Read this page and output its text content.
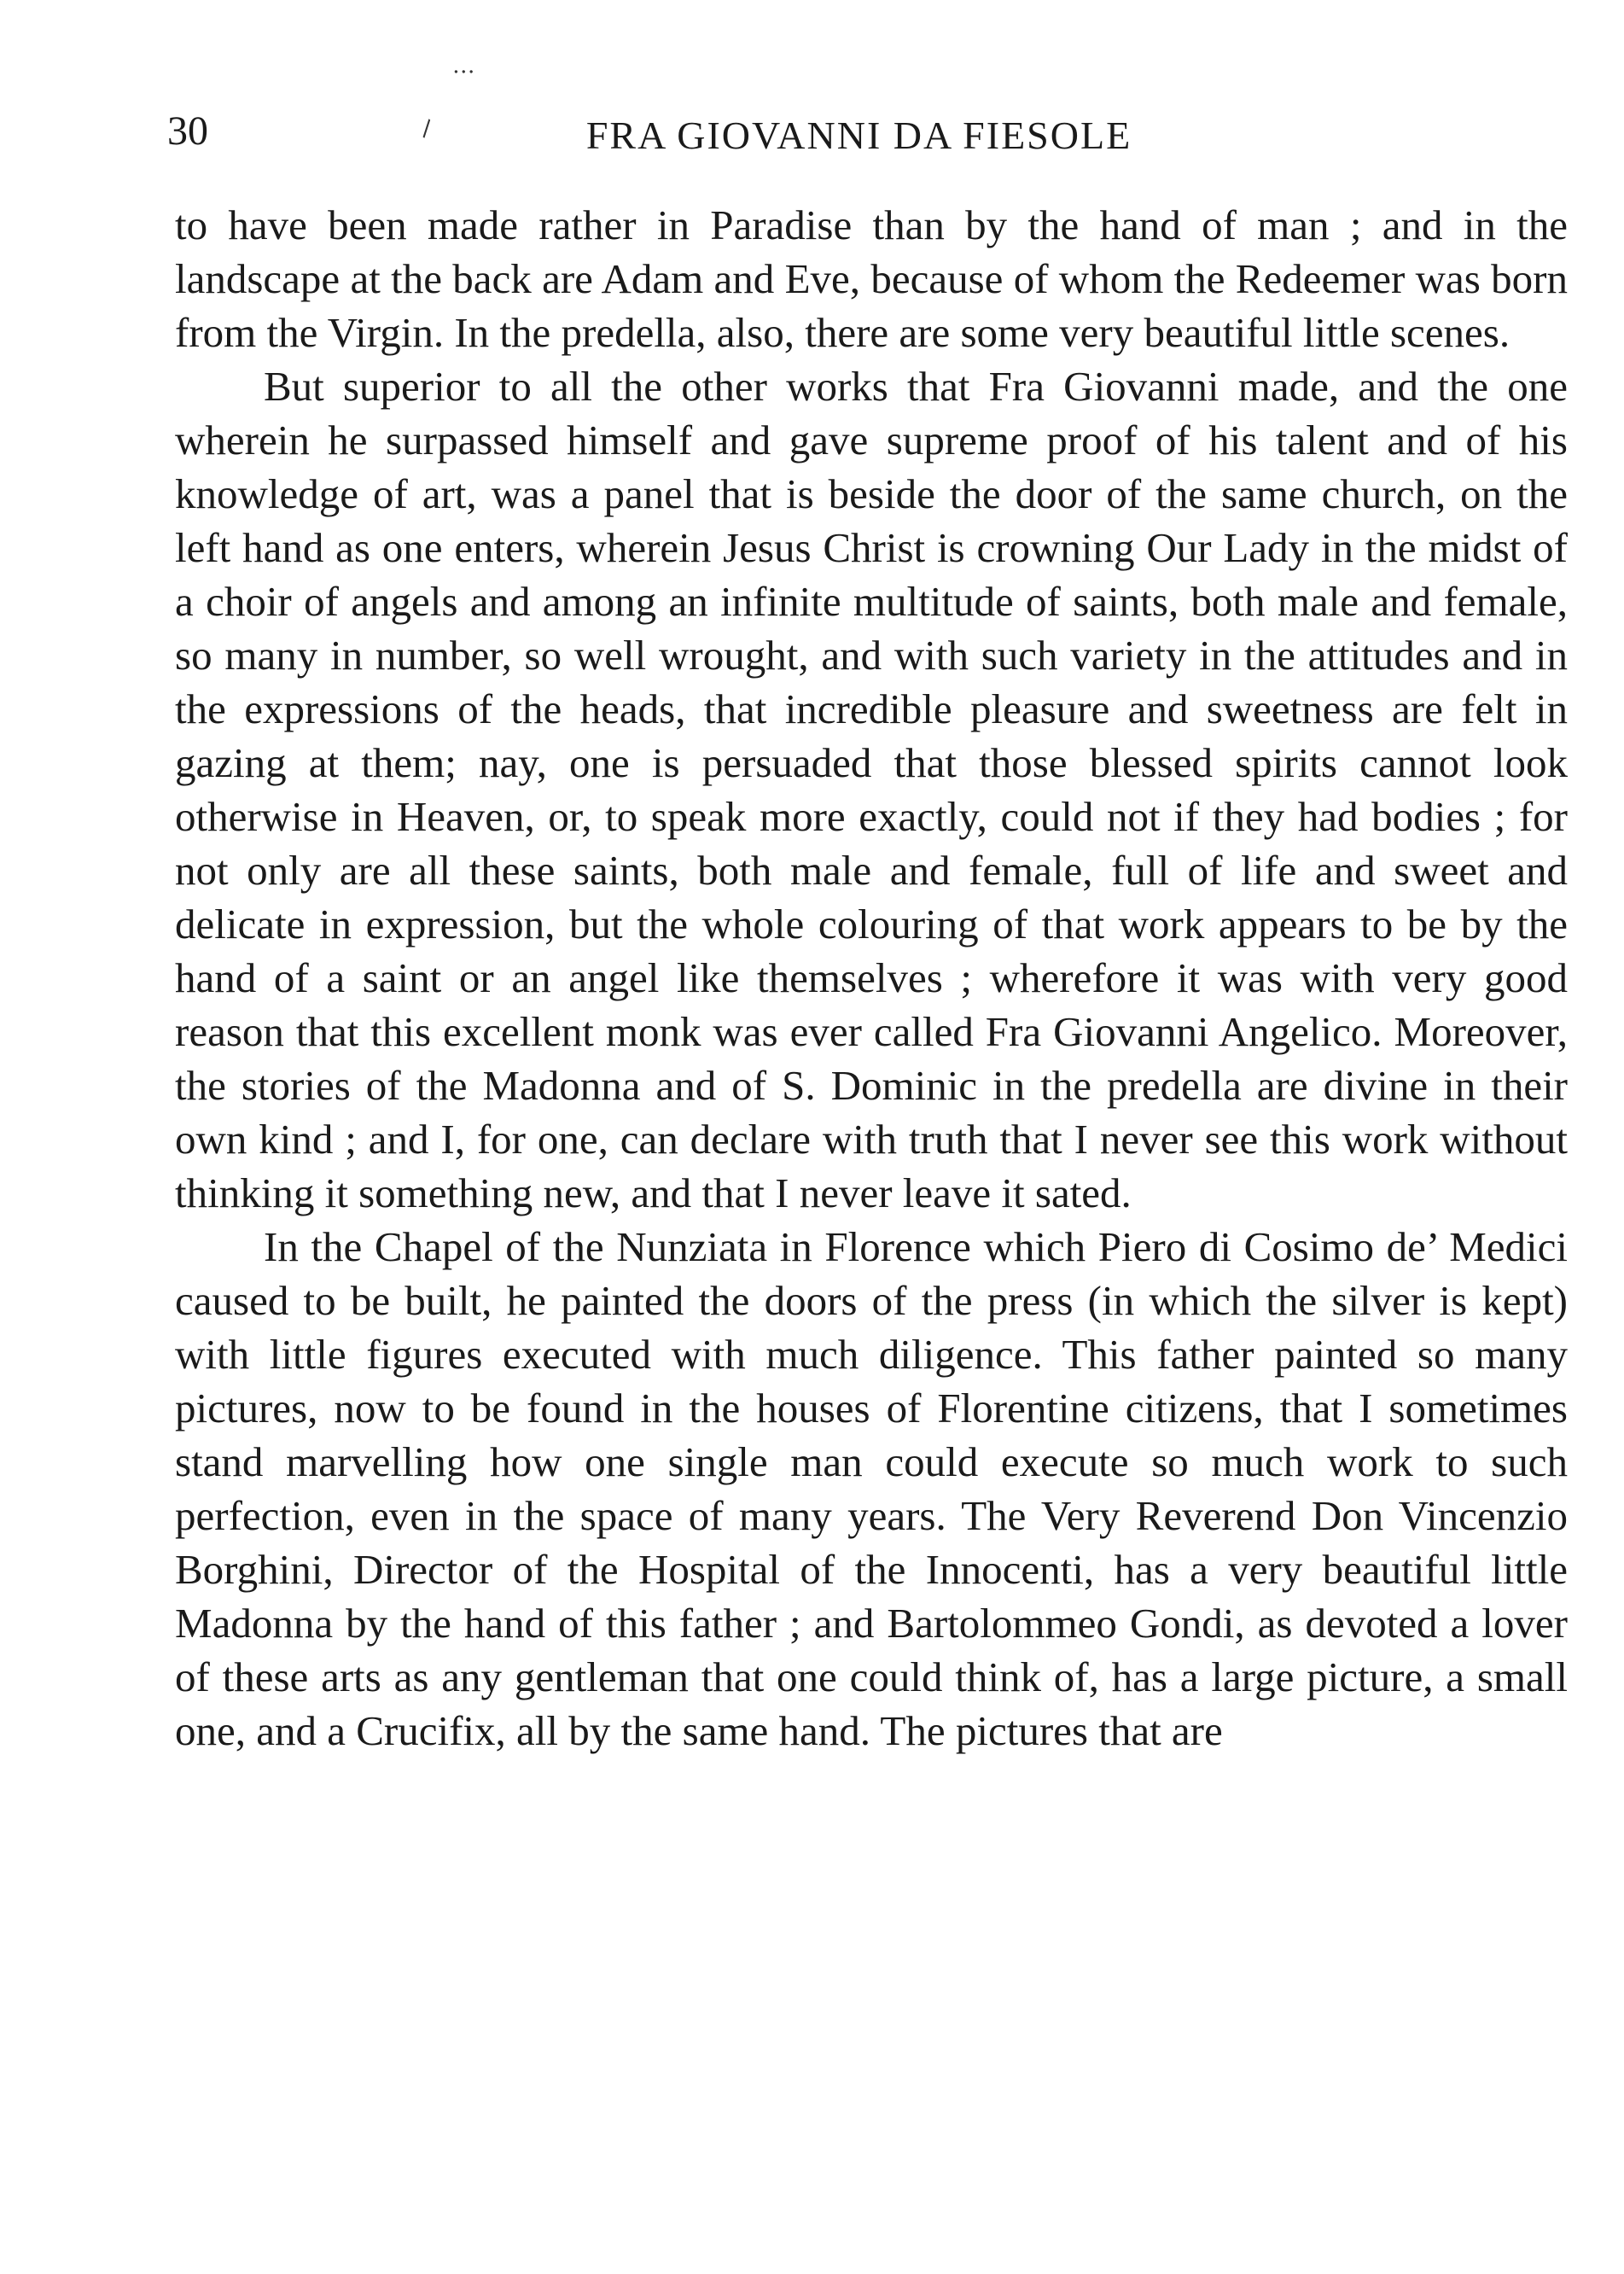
30
⋅⋅⋅
∖	FRA GIOVANNI DA FIESOLE

to have been made rather in Paradise than by the hand of man ; and in the landscape at the back are Adam and Eve, because of whom the Redeemer was born from the Virgin. In the predella, also, there are some very beautiful little scenes.

But superior to all the other works that Fra Giovanni made, and the one wherein he surpassed himself and gave supreme proof of his talent and of his knowledge of art, was a panel that is beside the door of the same church, on the left hand as one enters, wherein Jesus Christ is crowning Our Lady in the midst of a choir of angels and among an infinite multitude of saints, both male and female, so many in number, so well wrought, and with such variety in the attitudes and in the expressions of the heads, that incredible pleasure and sweetness are felt in gazing at them; nay, one is persuaded that those blessed spirits cannot look otherwise in Heaven, or, to speak more exactly, could not if they had bodies ; for not only are all these saints, both male and female, full of life and sweet and delicate in expression, but the whole colouring of that work appears to be by the hand of a saint or an angel like themselves ; wherefore it was with very good reason that this excellent monk was ever called Fra Giovanni Angelico. Moreover, the stories of the Madonna and of S. Dominic in the predella are divine in their own kind ; and I, for one, can declare with truth that I never see this work without thinking it something new, and that I never leave it sated.

In the Chapel of the Nunziata in Florence which Piero di Cosimo de’ Medici caused to be built, he painted the doors of the press (in which the silver is kept) with little figures executed with much diligence. This father painted so many pictures, now to be found in the houses of Florentine citizens, that I sometimes stand marvelling how one single man could execute so much work to such perfection, even in the space of many years. The Very Reverend Don Vincenzio Borghini, Director of the Hospital of the Innocenti, has a very beautiful little Madonna by the hand of this father ; and Bartolommeo Gondi, as devoted a lover of these arts as any gentleman that one could think of, has a large picture, a small one, and a Crucifix, all by the same hand. The pictures that are
